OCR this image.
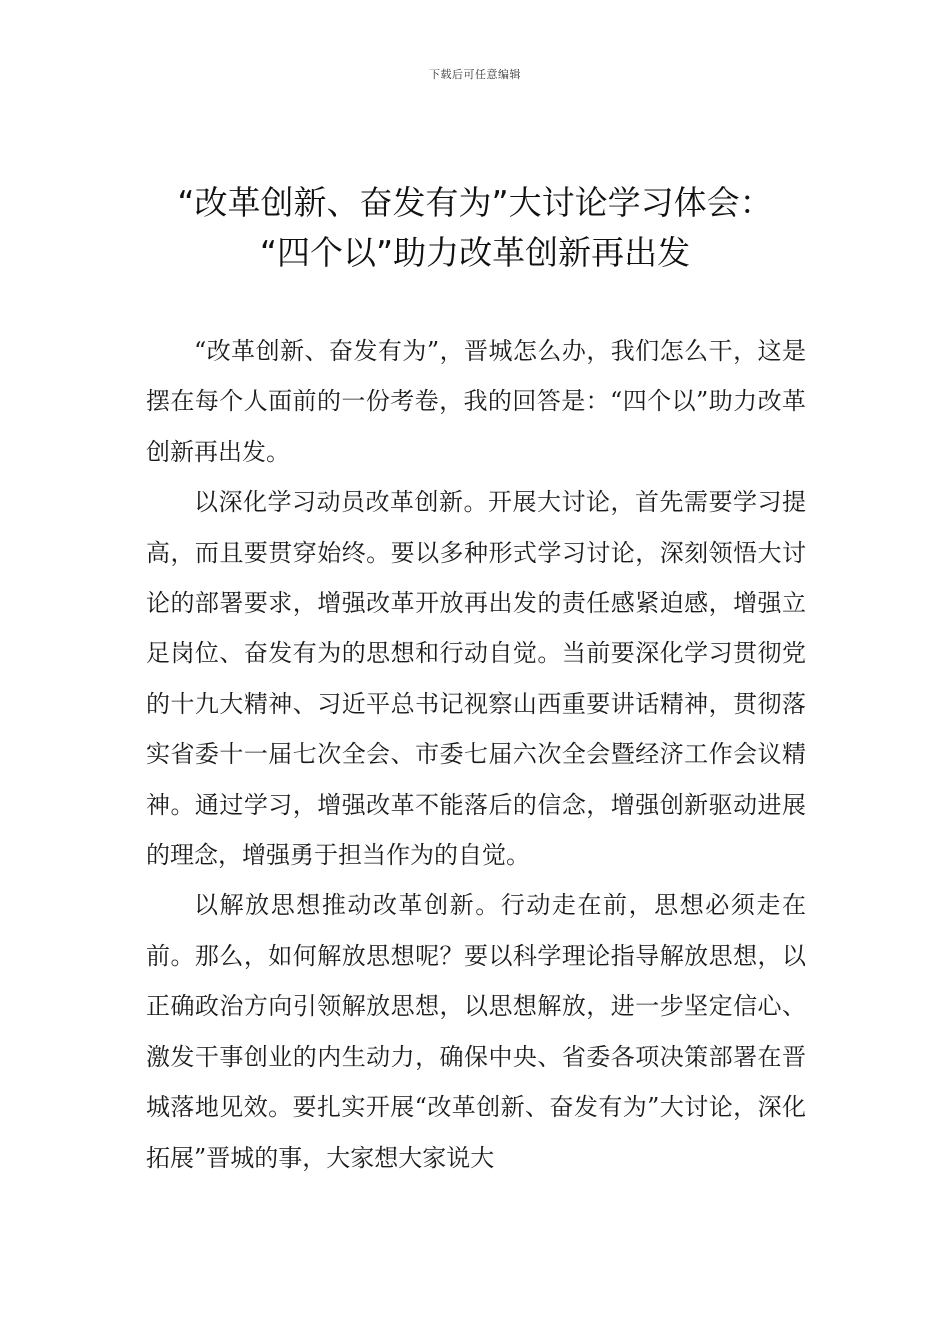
下载后可任意编辑
“改革创新、奋发有为”大讨论学习体会：
“四个以”助力改革创新再出发

“改革创新、奋发有为”，晋城怎么办，我们怎么干，这是摆在每个人面前的一份考卷，我的回答是：“四个以”助力改革创新再出发。

以深化学习动员改革创新。开展大讨论，首先需要学习提高，而且要贯穿始终。要以多种形式学习讨论，深刻领悟大讨论的部署要求，增强改革开放再出发的责任感紧迫感，增强立足岗位、奋发有为的思想和行动自觉。当前要深化学习贯彻党的十九大精神、习近平总书记视察山西重要讲话精神，贯彻落实省委十一届七次全会、市委七届六次全会暨经济工作会议精神。通过学习，增强改革不能落后的信念，增强创新驱动进展的理念，增强勇于担当作为的自觉。

以解放思想推动改革创新。行动走在前，思想必须走在前。那么，如何解放思想呢？要以科学理论指导解放思想，以正确政治方向引领解放思想，以思想解放，进一步坚定信心、激发干事创业的内生动力，确保中央、省委各项决策部署在晋城落地见效。要扎实开展“改革创新、奋发有为”大讨论，深化拓展”晋城的事，大家想大家说大
